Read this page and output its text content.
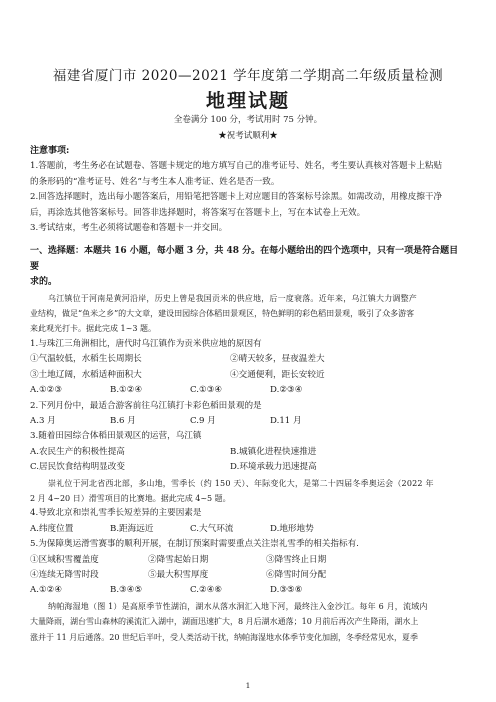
福建省厦门市 2020—2021 学年度第二学期高二年级质量检测
地理试题
全卷满分 100 分，考试用时 75 分钟。
★祝考试顺利★
注意事项:

1.答题前，考生务必在试题卷、答题卡规定的地方填写自己的准考证号、姓名，考生要认真核对答题卡上粘贴

的条形码的“准考证号、姓名”与考生本人准考证、姓名是否一致。

2.回答选择题时，选出每小题答案后，用铅笔把答题卡上对应题目的答案标号涂黑。如需改动，用橡皮擦干净

后，再涂选其他答案标号。回答非选择题时，将答案写在答题卡上，写在本试卷上无效。

3.考试结束，考生必须将试题卷和答题卡一并交回。

一、选择题：本题共 16 小题，每小题 3 分，共 48 分。在每小题给出的四个选项中，只有一项是符合题目要

求的。

乌江镇位于河南是黄河沿岸，历史上曾是我国贡米的供应地，后一度衰落。近年来，乌江镇大力调整产

业结构，做足“鱼米之乡”的大文章，建设田园综合体稻田景观区，特色鲜明的彩色稻田景观，吸引了众多游客

来此观光打卡。据此完成 1~3 题。

1.与珠江三角洲相比，唐代时乌江镇作为贡米供应地的原因有

①气温较低，水稻生长周期长	②晴天较多，昼夜温差大
③土地辽阔，水稻适种面积大	④交通便利，距长安较近
A.①②③	B.①②④	C.①③④	D.②③④

2.下列月份中，最适合游客前往乌江镇打卡彩色稻田景观的是

A.3 月	B.6 月	C.9 月	D.11 月

3.随着田园综合体稻田景观区的运营，乌江镇

A.农民生产的积极性提高	B.城镇化进程快速推进
C.居民饮食结构明显改变	D.环境承载力迅速提高

崇礼位于河北省西北部，多山地，雪季长（约 150 天）、年际变化大，是第二十四届冬季奥运会（2022 年

2 月 4~20 日）滑雪项目的比赛地。据此完成 4~5 题。

4.导致北京和崇礼雪季长短差异的主要因素是

A.纬度位置	B.距海远近	C.大气环流	D.地形地势

5.为保障奥运滑雪赛事的顺利开展，在制订预案时需要重点关注崇礼雪季的相关指标有.

①区域积雪覆盖度	②降雪起始日期	③降雪终止日期
④连续无降雪时段	⑤最大积雪厚度	⑥降雪时间分配
A.①②④	B.③④⑤	C.②④⑥	D.③⑤⑥

纳帕海湿地（图 1）是高原季节性湖泊，湖水从落水洞汇入地下河，最终注入金沙江。每年 6 月，流域内

大量降雨，湖台雪山森林的溪流汇入湖中，湖面迅速扩大，8 月后湖水通落；10 月前后再次产生降雨，湖水上

涨并于 11 月后通落。20 世纪后半叶，受人类活动干扰，纳帕海湿地水体季节变化加剧，冬季经常见水，夏季

1
